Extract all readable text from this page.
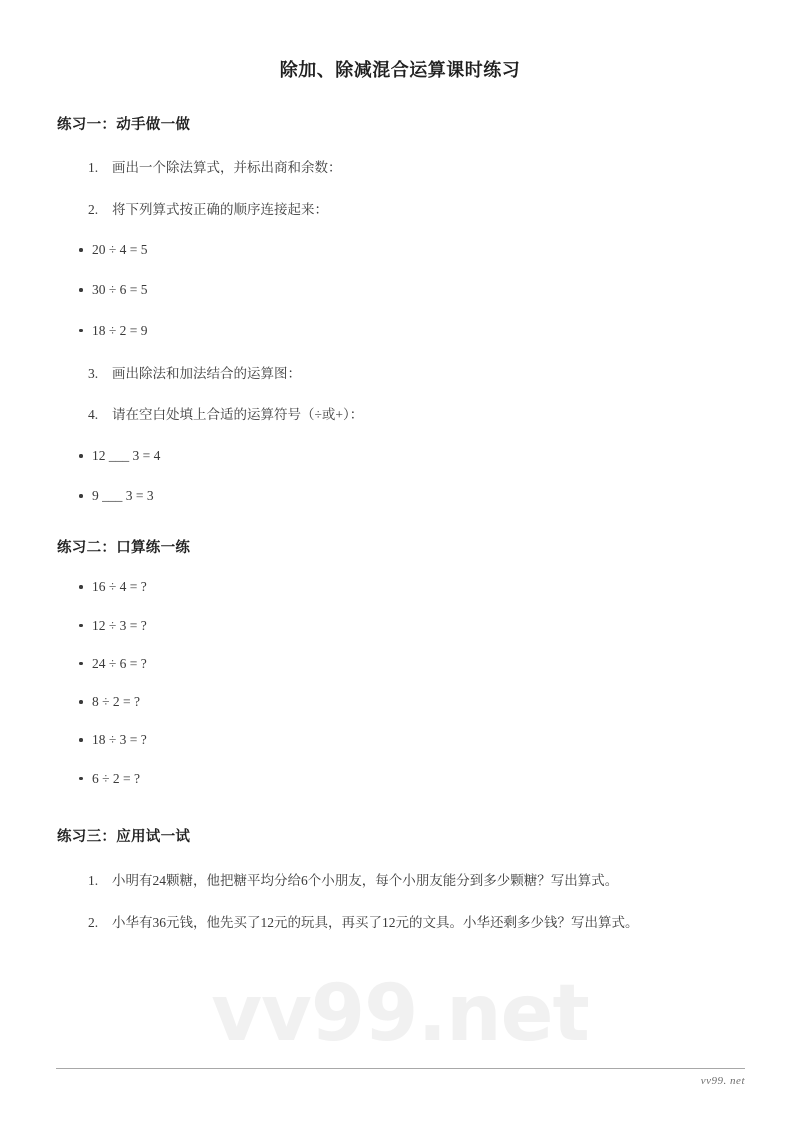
vv99.net
除加、除减混合运算课时练习
练习一：动手做一做
1.	画出一个除法算式，并标出商和余数：
2.	将下列算式按正确的顺序连接起来：
20 ÷ 4 = 5
30 ÷ 6 = 5
18 ÷ 2 = 9
3.	画出除法和加法结合的运算图：
4.	请在空白处填上合适的运算符号（÷或+）：
12 ___ 3 = 4
9 ___ 3 = 3
练习二：口算练一练
16 ÷ 4 = ?
12 ÷ 3 = ?
24 ÷ 6 = ?
8 ÷ 2 = ?
18 ÷ 3 = ?
6 ÷ 2 = ?
练习三：应用试一试
1.	小明有24颗糖，他把糖平均分给6个小朋友，每个小朋友能分到多少颗糖？写出算式。
2.	小华有36元钱，他先买了12元的玩具，再买了12元的文具。小华还剩多少钱？写出算式。
vv99. net
